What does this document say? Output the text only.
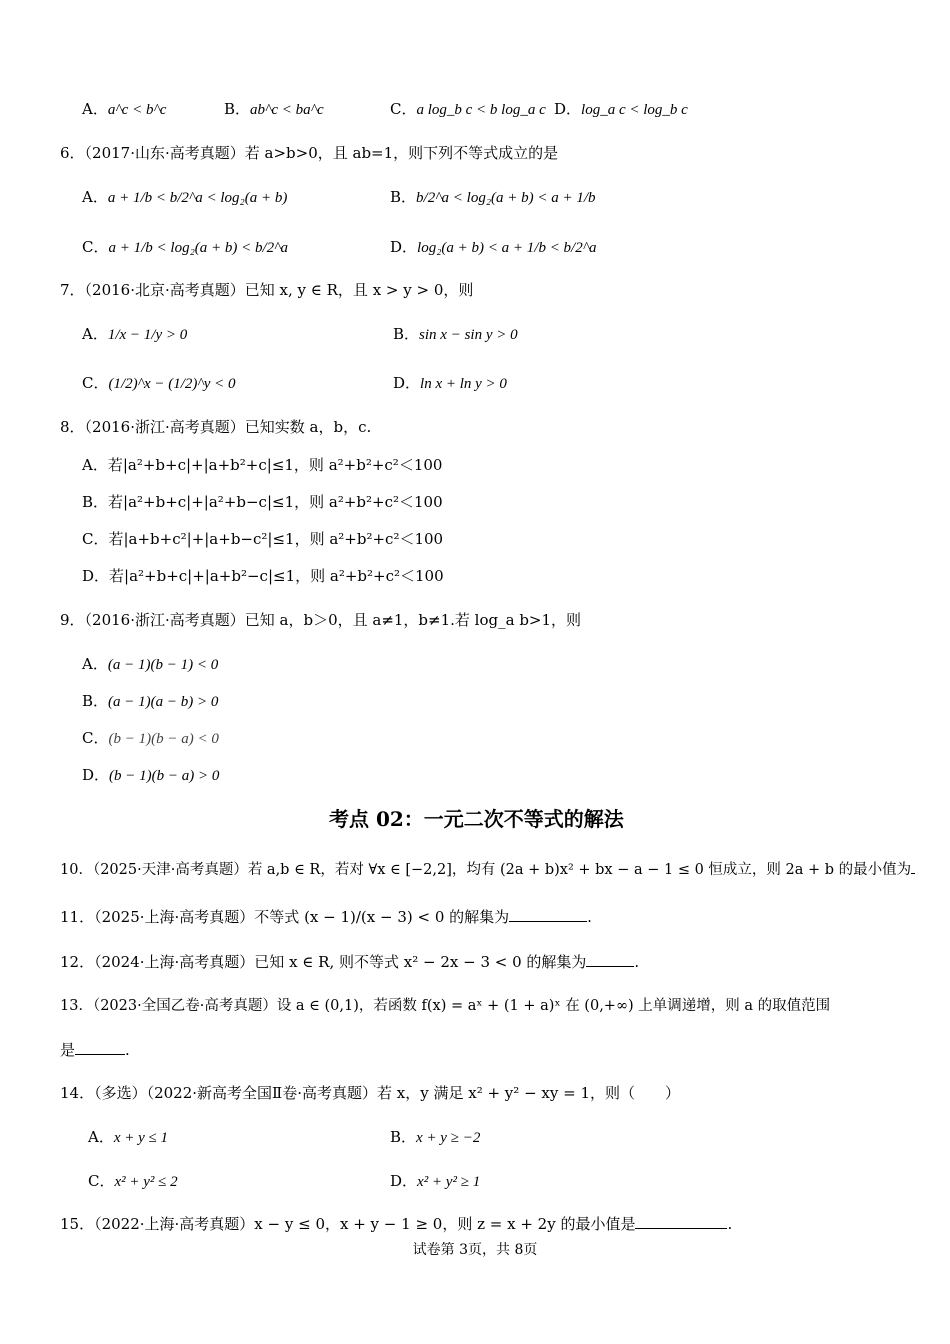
A．a^c < b^c	B．ab^c < ba^c	C．a log_b c < b log_a c D．log_a c < log_b c
6．（2017·山东·高考真题）若 a>b>0，且 ab=1，则下列不等式成立的是
A．a + 1/b < b/2^a < log₂(a + b)	B．b/2^a < log₂(a + b) < a + 1/b
C．a + 1/b < log₂(a + b) < b/2^a	D．log₂(a + b) < a + 1/b < b/2^a
7．（2016·北京·高考真题）已知 x, y ∈ R，且 x > y > 0，则
A．1/x − 1/y > 0	B．sin x − sin y > 0
C．(1/2)^x − (1/2)^y < 0	D．ln x + ln y > 0
8．（2016·浙江·高考真题）已知实数 a，b，c.
A．若|a²+b+c|+|a+b²+c|≤1，则 a²+b²+c²＜100
B．若|a²+b+c|+|a²+b−c|≤1，则 a²+b²+c²＜100
C．若|a+b+c²|+|a+b−c²|≤1，则 a²+b²+c²＜100
D．若|a²+b+c|+|a+b²−c|≤1，则 a²+b²+c²＜100
9．（2016·浙江·高考真题）已知 a，b＞0，且 a≠1，b≠1.若 log_a b>1，则
A．(a − 1)(b − 1) < 0
B．(a − 1)(a − b) > 0
C．(b − 1)(b − a) < 0
D．(b − 1)(b − a) > 0
考点 02：一元二次不等式的解法
10．（2025·天津·高考真题）若 a,b ∈ R，若对 ∀x ∈ [−2,2]，均有 (2a + b)x² + bx − a − 1 ≤ 0 恒成立，则 2a + b 的最小值为
11．（2025·上海·高考真题）不等式 (x − 1)/(x − 3) < 0 的解集为	.
12．（2024·上海·高考真题）已知 x ∈ R, 则不等式 x² − 2x − 3 < 0 的解集为	.
13．（2023·全国乙卷·高考真题）设 a ∈ (0,1)，若函数 f(x) = aˣ + (1 + a)ˣ 在 (0,+∞) 上单调递增，则 a 的取值范围
是	.
14．（多选）（2022·新高考全国Ⅱ卷·高考真题）若 x，y 满足 x² + y² − xy = 1，则（　　）
A．x + y ≤ 1	B．x + y ≥ −2
C．x² + y² ≤ 2	D．x² + y² ≥ 1
15．（2022·上海·高考真题）x − y ≤ 0，x + y − 1 ≥ 0，则 z = x + 2y 的最小值是	.
试卷第 3页，共 8页
